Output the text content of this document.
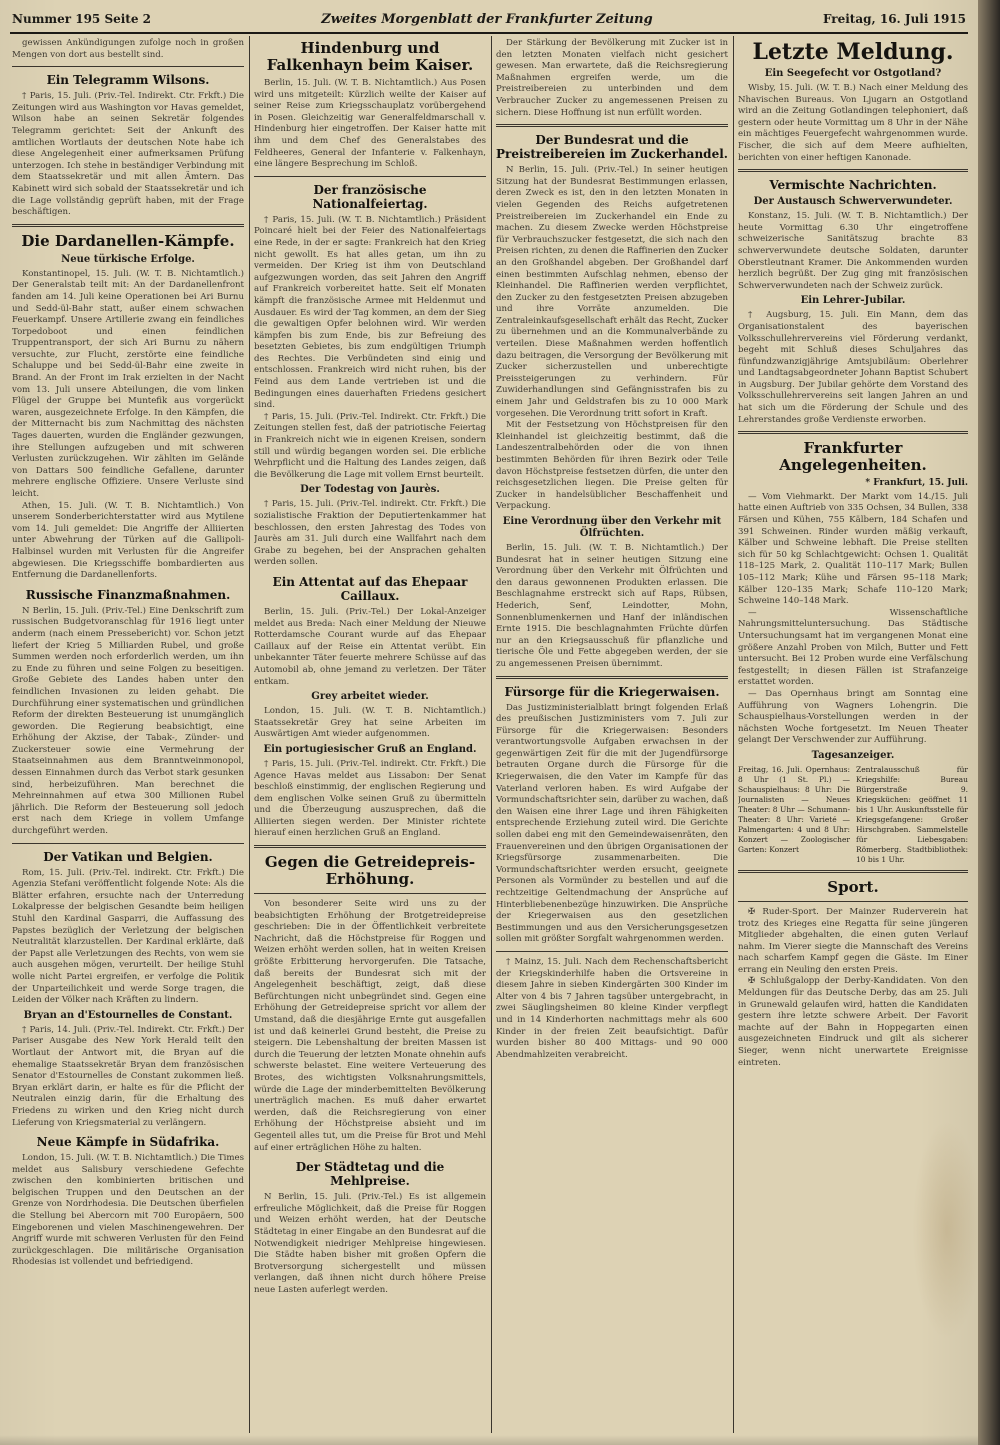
Nummer 195 Seite 2	Zweites Morgenblatt der Frankfurter Zeitung	Freitag, 16. Juli 1915

gewissen Ankündigungen zufolge noch in großen Mengen von dort aus bestellt sind.

Ein Telegramm Wilsons.

† Paris, 15. Juli. (Priv.-Tel. Indirekt. Ctr. Frkft.) Die Zeitungen wird aus Washington vor Havas gemeldet, Wilson habe an seinen Sekretär folgendes Telegramm gerichtet: Seit der Ankunft des amtlichen Wortlauts der deutschen Note habe ich diese Angelegenheit einer aufmerksamen Prüfung unterzogen. Ich stehe in beständiger Verbindung mit dem Staatssekretär und mit allen Ämtern. Das Kabinett wird sich sobald der Staatssekretär und ich die Lage vollständig geprüft haben, mit der Frage beschäftigen.

Die Dardanellen-Kämpfe.
Neue türkische Erfolge.

Konstantinopel, 15. Juli. (W. T. B. Nichtamtlich.) Der Generalstab teilt mit: An der Dardanellenfront fanden am 14. Juli keine Operationen bei Ari Burnu und Sedd-ül-Bahr statt, außer einem schwachen Feuerkampf. Unsere Artillerie zwang ein feindliches Torpedoboot und einen feindlichen Truppentransport, der sich Ari Burnu zu nähern versuchte, zur Flucht, zerstörte eine feindliche Schaluppe und bei Sedd-ül-Bahr eine zweite in Brand. An der Front im Irak erzielten in der Nacht vom 13. Juli unsere Abteilungen, die vom linken Flügel der Gruppe bei Muntefik aus vorgerückt waren, ausgezeichnete Erfolge. In den Kämpfen, die der Mitternacht bis zum Nachmittag des nächsten Tages dauerten, wurden die Engländer gezwungen, ihre Stellungen aufzugeben und mit schweren Verlusten zurückzugehen. Wir zählten im Gelände von Dattars 500 feindliche Gefallene, darunter mehrere englische Offiziere. Unsere Verluste sind leicht.

Athen, 15. Juli. (W. T. B. Nichtamtlich.) Von unserem Sonderberichterstatter wird aus Mytilene vom 14. Juli gemeldet: Die Angriffe der Alliierten unter Abwehrung der Türken auf die Gallipoli-Halbinsel wurden mit Verlusten für die Angreifer abgewiesen. Die Kriegsschiffe bombardierten aus Entfernung die Dardanellenforts.

Russische Finanzmaßnahmen.

N Berlin, 15. Juli. (Priv.-Tel.) Eine Denkschrift zum russischen Budgetvoranschlag für 1916 liegt unter anderm (nach einem Pressebericht) vor. Schon jetzt liefert der Krieg 5 Milliarden Rubel, und große Summen werden noch erforderlich werden, um ihn zu Ende zu führen und seine Folgen zu beseitigen. Große Gebiete des Landes haben unter den feindlichen Invasionen zu leiden gehabt. Die Durchführung einer systematischen und gründlichen Reform der direkten Besteuerung ist unumgänglich geworden. Die Regierung beabsichtigt, eine Erhöhung der Akzise, der Tabak-, Zünder- und Zuckersteuer sowie eine Vermehrung der Staatseinnahmen aus dem Branntweinmonopol, dessen Einnahmen durch das Verbot stark gesunken sind, herbeizuführen. Man berechnet die Mehreinnahmen auf etwa 300 Millionen Rubel jährlich. Die Reform der Besteuerung soll jedoch erst nach dem Kriege in vollem Umfange durchgeführt werden.

Der Vatikan und Belgien.

Rom, 15. Juli. (Priv.-Tel. indirekt. Ctr. Frkft.) Die Agenzia Stefani veröffentlicht folgende Note: Als die Blätter erfahren, ersuchte nach der Unterredung Lokalpresse der belgischen Gesandte beim heiligen Stuhl den Kardinal Gasparri, die Auffassung des Papstes bezüglich der Verletzung der belgischen Neutralität klarzustellen. Der Kardinal erklärte, daß der Papst alle Verletzungen des Rechts, von wem sie auch ausgehen mögen, verurteilt. Der heilige Stuhl wolle nicht Partei ergreifen, er verfolge die Politik der Unparteilichkeit und werde Sorge tragen, die Leiden der Völker nach Kräften zu lindern.

Bryan an d'Estournelles de Constant.

† Paris, 14. Juli. (Priv.-Tel. Indirekt. Ctr. Frkft.) Der Pariser Ausgabe des New York Herald teilt den Wortlaut der Antwort mit, die Bryan auf die ehemalige Staatssekretär Bryan dem französischen Senator d'Estournelles de Constant zukommen ließ. Bryan erklärt darin, er halte es für die Pflicht der Neutralen einzig darin, für die Erhaltung des Friedens zu wirken und den Krieg nicht durch Lieferung von Kriegsmaterial zu verlängern.

Neue Kämpfe in Südafrika.

London, 15. Juli. (W. T. B. Nichtamtlich.) Die Times meldet aus Salisbury verschiedene Gefechte zwischen den kombinierten britischen und belgischen Truppen und den Deutschen an der Grenze von Nordrhodesia. Die Deutschen überfielen die Stellung bei Abercorn mit 700 Europäern, 500 Eingeborenen und vielen Maschinengewehren. Der Angriff wurde mit schweren Verlusten für den Feind zurückgeschlagen. Die militärische Organisation Rhodesias ist vollendet und befriedigend.

Hindenburg und Falkenhayn beim Kaiser.

Berlin, 15. Juli. (W. T. B. Nichtamtlich.) Aus Posen wird uns mitgeteilt: Kürzlich weilte der Kaiser auf seiner Reise zum Kriegsschauplatz vorübergehend in Posen. Gleichzeitig war Generalfeldmarschall v. Hindenburg hier eingetroffen. Der Kaiser hatte mit ihm und dem Chef des Generalstabes des Feldheeres, General der Infanterie v. Falkenhayn, eine längere Besprechung im Schloß.

Der französische Nationalfeiertag.

† Paris, 15. Juli. (W. T. B. Nichtamtlich.) Präsident Poincaré hielt bei der Feier des Nationalfeiertags eine Rede, in der er sagte: Frankreich hat den Krieg nicht gewollt. Es hat alles getan, um ihn zu vermeiden. Der Krieg ist ihm von Deutschland aufgezwungen worden, das seit Jahren den Angriff auf Frankreich vorbereitet hatte. Seit elf Monaten kämpft die französische Armee mit Heldenmut und Ausdauer. Es wird der Tag kommen, an dem der Sieg die gewaltigen Opfer belohnen wird. Wir werden kämpfen bis zum Ende, bis zur Befreiung des besetzten Gebietes, bis zum endgültigen Triumph des Rechtes. Die Verbündeten sind einig und entschlossen. Frankreich wird nicht ruhen, bis der Feind aus dem Lande vertrieben ist und die Bedingungen eines dauerhaften Friedens gesichert sind.

† Paris, 15. Juli. (Priv.-Tel. Indirekt. Ctr. Frkft.) Die Zeitungen stellen fest, daß der patriotische Feiertag in Frankreich nicht wie in eigenen Kreisen, sondern still und würdig begangen worden sei. Die erbliche Wehrpflicht und die Haltung des Landes zeigen, daß die Bevölkerung die Lage mit vollem Ernst beurteilt.

Der Todestag von Jaurès.

† Paris, 15. Juli. (Priv.-Tel. indirekt. Ctr. Frkft.) Die sozialistische Fraktion der Deputiertenkammer hat beschlossen, den ersten Jahrestag des Todes von Jaurès am 31. Juli durch eine Wallfahrt nach dem Grabe zu begehen, bei der Ansprachen gehalten werden sollen.

Ein Attentat auf das Ehepaar Caillaux.

Berlin, 15. Juli. (Priv.-Tel.) Der Lokal-Anzeiger meldet aus Breda: Nach einer Meldung der Nieuwe Rotterdamsche Courant wurde auf das Ehepaar Caillaux auf der Reise ein Attentat verübt. Ein unbekannter Täter feuerte mehrere Schüsse auf das Automobil ab, ohne jemand zu verletzen. Der Täter entkam.

Grey arbeitet wieder.

London, 15. Juli. (W. T. B. Nichtamtlich.) Staatssekretär Grey hat seine Arbeiten im Auswärtigen Amt wieder aufgenommen.

Ein portugiesischer Gruß an England.

† Paris, 15. Juli. (Priv.-Tel. indirekt. Ctr. Frkft.) Die Agence Havas meldet aus Lissabon: Der Senat beschloß einstimmig, der englischen Regierung und dem englischen Volke seinen Gruß zu übermitteln und die Überzeugung auszusprechen, daß die Alliierten siegen werden. Der Minister richtete hierauf einen herzlichen Gruß an England.

Gegen die Getreidepreis-Erhöhung.

Von besonderer Seite wird uns zu der beabsichtigten Erhöhung der Brotgetreidepreise geschrieben: Die in der Öffentlichkeit verbreitete Nachricht, daß die Höchstpreise für Roggen und Weizen erhöht werden sollen, hat in weiten Kreisen größte Erbitterung hervorgerufen. Die Tatsache, daß bereits der Bundesrat sich mit der Angelegenheit beschäftigt, zeigt, daß diese Befürchtungen nicht unbegründet sind. Gegen eine Erhöhung der Getreidepreise spricht vor allem der Umstand, daß die diesjährige Ernte gut ausgefallen ist und daß keinerlei Grund besteht, die Preise zu steigern. Die Lebenshaltung der breiten Massen ist durch die Teuerung der letzten Monate ohnehin aufs schwerste belastet. Eine weitere Verteuerung des Brotes, des wichtigsten Volksnahrungsmittels, würde die Lage der minderbemittelten Bevölkerung unerträglich machen. Es muß daher erwartet werden, daß die Reichsregierung von einer Erhöhung der Höchstpreise absieht und im Gegenteil alles tut, um die Preise für Brot und Mehl auf einer erträglichen Höhe zu halten.

Der Städtetag und die Mehlpreise.

N Berlin, 15. Juli. (Priv.-Tel.) Es ist allgemein erfreuliche Möglichkeit, daß die Preise für Roggen und Weizen erhöht werden, hat der Deutsche Städtetag in einer Eingabe an den Bundesrat auf die Notwendigkeit niedriger Mehlpreise hingewiesen. Die Städte haben bisher mit großen Opfern die Brotversorgung sichergestellt und müssen verlangen, daß ihnen nicht durch höhere Preise neue Lasten auferlegt werden.

Der Stärkung der Bevölkerung mit Zucker ist in den letzten Monaten vielfach nicht gesichert gewesen. Man erwartete, daß die Reichsregierung Maßnahmen ergreifen werde, um die Preistreibereien zu unterbinden und dem Verbraucher Zucker zu angemessenen Preisen zu sichern. Diese Hoffnung ist nun erfüllt worden.

Der Bundesrat und die Preistreibereien im Zuckerhandel.

N Berlin, 15. Juli. (Priv.-Tel.) In seiner heutigen Sitzung hat der Bundesrat Bestimmungen erlassen, deren Zweck es ist, den in den letzten Monaten in vielen Gegenden des Reichs aufgetretenen Preistreibereien im Zuckerhandel ein Ende zu machen. Zu diesem Zwecke werden Höchstpreise für Verbrauchszucker festgesetzt, die sich nach den Preisen richten, zu denen die Raffinerien den Zucker an den Großhandel abgeben. Der Großhandel darf einen bestimmten Aufschlag nehmen, ebenso der Kleinhandel. Die Raffinerien werden verpflichtet, den Zucker zu den festgesetzten Preisen abzugeben und ihre Vorräte anzumelden. Die Zentraleinkaufsgesellschaft erhält das Recht, Zucker zu übernehmen und an die Kommunalverbände zu verteilen. Diese Maßnahmen werden hoffentlich dazu beitragen, die Versorgung der Bevölkerung mit Zucker sicherzustellen und unberechtigte Preissteigerungen zu verhindern. Für Zuwiderhandlungen sind Gefängnisstrafen bis zu einem Jahr und Geldstrafen bis zu 10 000 Mark vorgesehen. Die Verordnung tritt sofort in Kraft.

Mit der Festsetzung von Höchstpreisen für den Kleinhandel ist gleichzeitig bestimmt, daß die Landeszentralbehörden oder die von ihnen bestimmten Behörden für ihren Bezirk oder Teile davon Höchstpreise festsetzen dürfen, die unter den reichsgesetzlichen liegen. Die Preise gelten für Zucker in handelsüblicher Beschaffenheit und Verpackung.

Eine Verordnung über den Verkehr mit Ölfrüchten.

Berlin, 15. Juli. (W. T. B. Nichtamtlich.) Der Bundesrat hat in seiner heutigen Sitzung eine Verordnung über den Verkehr mit Ölfrüchten und den daraus gewonnenen Produkten erlassen. Die Beschlagnahme erstreckt sich auf Raps, Rübsen, Hederich, Senf, Leindotter, Mohn, Sonnenblumenkernen und Hanf der inländischen Ernte 1915. Die beschlagnahmten Früchte dürfen nur an den Kriegsausschuß für pflanzliche und tierische Öle und Fette abgegeben werden, der sie zu angemessenen Preisen übernimmt.

Fürsorge für die Kriegerwaisen.

Das Justizministerialblatt bringt folgenden Erlaß des preußischen Justizministers vom 7. Juli zur Fürsorge für die Kriegerwaisen: Besonders verantwortungsvolle Aufgaben erwachsen in der gegenwärtigen Zeit für die mit der Jugendfürsorge betrauten Organe durch die Fürsorge für die Kriegerwaisen, die den Vater im Kampfe für das Vaterland verloren haben. Es wird Aufgabe der Vormundschaftsrichter sein, darüber zu wachen, daß den Waisen eine ihrer Lage und ihren Fähigkeiten entsprechende Erziehung zuteil wird. Die Gerichte sollen dabei eng mit den Gemeindewaisenräten, den Frauenvereinen und den übrigen Organisationen der Kriegsfürsorge zusammenarbeiten. Die Vormundschaftsrichter werden ersucht, geeignete Personen als Vormünder zu bestellen und auf die rechtzeitige Geltendmachung der Ansprüche auf Hinterbliebenenbezüge hinzuwirken. Die Ansprüche der Kriegerwaisen aus den gesetzlichen Bestimmungen und aus den Versicherungsgesetzen sollen mit größter Sorgfalt wahrgenommen werden.

† Mainz, 15. Juli. Nach dem Rechenschaftsbericht der Kriegskinderhilfe haben die Ortsvereine in diesem Jahre in sieben Kindergärten 300 Kinder im Alter von 4 bis 7 Jahren tagsüber untergebracht, in zwei Säuglingsheimen 80 kleine Kinder verpflegt und in 14 Kinderhorten nachmittags mehr als 600 Kinder in der freien Zeit beaufsichtigt. Dafür wurden bisher 80 400 Mittags- und 90 000 Abendmahlzeiten verabreicht.

Letzte Meldung.
Ein Seegefecht vor Ostgotland?

Wisby, 15. Juli. (W. T. B.) Nach einer Meldung des Nhavischen Bureaus. Von Ljugarn an Ostgotland wird an die Zeitung Gotlandingen telephoniert, daß gestern oder heute Vormittag um 8 Uhr in der Nähe ein mächtiges Feuergefecht wahrgenommen wurde. Fischer, die sich auf dem Meere aufhielten, berichten von einer heftigen Kanonade.

Vermischte Nachrichten.
Der Austausch Schwerverwundeter.

Konstanz, 15. Juli. (W. T. B. Nichtamtlich.) Der heute Vormittag 6.30 Uhr eingetroffene schweizerische Sanitätszug brachte 83 schwerverwundete deutsche Soldaten, darunter Oberstleutnant Kramer. Die Ankommenden wurden herzlich begrüßt. Der Zug ging mit französischen Schwerverwundeten nach der Schweiz zurück.

Ein Lehrer-Jubilar.

† Augsburg, 15. Juli. Ein Mann, dem das Organisationstalent des bayerischen Volksschullehrervereins viel Förderung verdankt, begeht mit Schluß dieses Schuljahres das fünfundzwanzigjährige Amtsjubiläum: Oberlehrer und Landtagsabgeordneter Johann Baptist Schubert in Augsburg. Der Jubilar gehörte dem Vorstand des Volksschullehrervereins seit langen Jahren an und hat sich um die Förderung der Schule und des Lehrerstandes große Verdienste erworben.

Frankfurter Angelegenheiten.
* Frankfurt, 15. Juli.

— Vom Viehmarkt. Der Markt vom 14./15. Juli hatte einen Auftrieb von 335 Ochsen, 34 Bullen, 338 Färsen und Kühen, 755 Kälbern, 184 Schafen und 391 Schweinen. Rinder wurden mäßig verkauft, Kälber und Schweine lebhaft. Die Preise stellten sich für 50 kg Schlachtgewicht: Ochsen 1. Qualität 118–125 Mark, 2. Qualität 110–117 Mark; Bullen 105–112 Mark; Kühe und Färsen 95–118 Mark; Kälber 120–135 Mark; Schafe 110–120 Mark; Schweine 140–148 Mark.

— Wissenschaftliche Nahrungsmitteluntersuchung. Das Städtische Untersuchungsamt hat im vergangenen Monat eine größere Anzahl Proben von Milch, Butter und Fett untersucht. Bei 12 Proben wurde eine Verfälschung festgestellt; in diesen Fällen ist Strafanzeige erstattet worden.

— Das Opernhaus bringt am Sonntag eine Aufführung von Wagners Lohengrin. Die Schauspielhaus-Vorstellungen werden in der nächsten Woche fortgesetzt. Im Neuen Theater gelangt Der Verschwender zur Aufführung.

Tagesanzeiger.
Freitag, 16. Juli. Opernhaus: 8 Uhr (1 St. Pl.) — Schauspielhaus: 8 Uhr: Die Journalisten — Neues Theater: 8 Uhr — Schumann-Theater: 8 Uhr: Varieté — Palmengarten: 4 und 8 Uhr: Konzert — Zoologischer Garten: Konzert
Zentralausschuß für Kriegshilfe: Bureau Bürgerstraße 9. Kriegsküchen: geöffnet 11 bis 1 Uhr. Auskunftsstelle für Kriegsgefangene: Großer Hirschgraben. Sammelstelle für Liebesgaben: Römerberg. Stadtbibliothek: 10 bis 1 Uhr.
Sport.

✠ Ruder-Sport. Der Mainzer Ruderverein hat trotz des Krieges eine Regatta für seine jüngeren Mitglieder abgehalten, die einen guten Verlauf nahm. Im Vierer siegte die Mannschaft des Vereins nach scharfem Kampf gegen die Gäste. Im Einer errang ein Neuling den ersten Preis.

✠ Schlußgalopp der Derby-Kandidaten. Von den Meldungen für das Deutsche Derby, das am 25. Juli in Grunewald gelaufen wird, hatten die Kandidaten gestern ihre letzte schwere Arbeit. Der Favorit machte auf der Bahn in Hoppegarten einen ausgezeichneten Eindruck und gilt als sicherer Sieger, wenn nicht unerwartete Ereignisse eintreten.
